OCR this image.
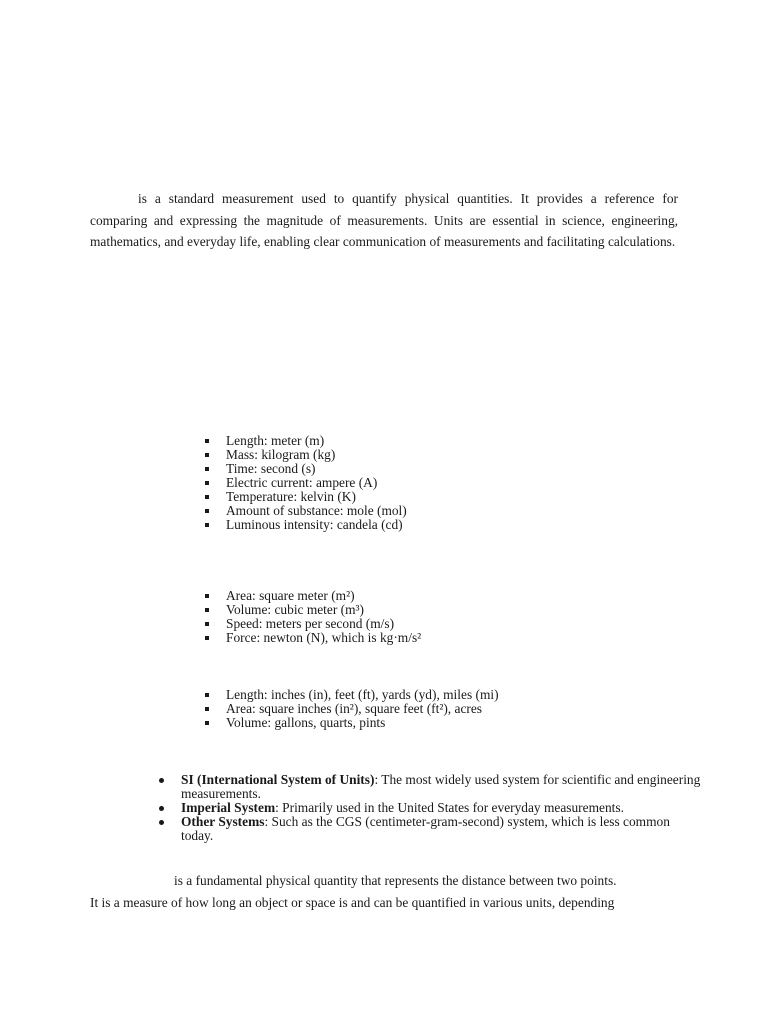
is a standard measurement used to quantify physical quantities. It provides a reference for comparing and expressing the magnitude of measurements. Units are essential in science, engineering, mathematics, and everyday life, enabling clear communication of measurements and facilitating calculations.

Length: meter (m)
Mass: kilogram (kg)
Time: second (s)
Electric current: ampere (A)
Temperature: kelvin (K)
Amount of substance: mole (mol)
Luminous intensity: candela (cd)
Area: square meter (m²)
Volume: cubic meter (m³)
Speed: meters per second (m/s)
Force: newton (N), which is kg·m/s²
Length: inches (in), feet (ft), yards (yd), miles (mi)
Area: square inches (in²), square feet (ft²), acres
Volume: gallons, quarts, pints
SI (International System of Units): The most widely used system for scientific and engineering measurements.
Imperial System: Primarily used in the United States for everyday measurements.
Other Systems: Such as the CGS (centimeter-gram-second) system, which is less common today.

is a fundamental physical quantity that represents the distance between two points.

It is a measure of how long an object or space is and can be quantified in various units, depending
